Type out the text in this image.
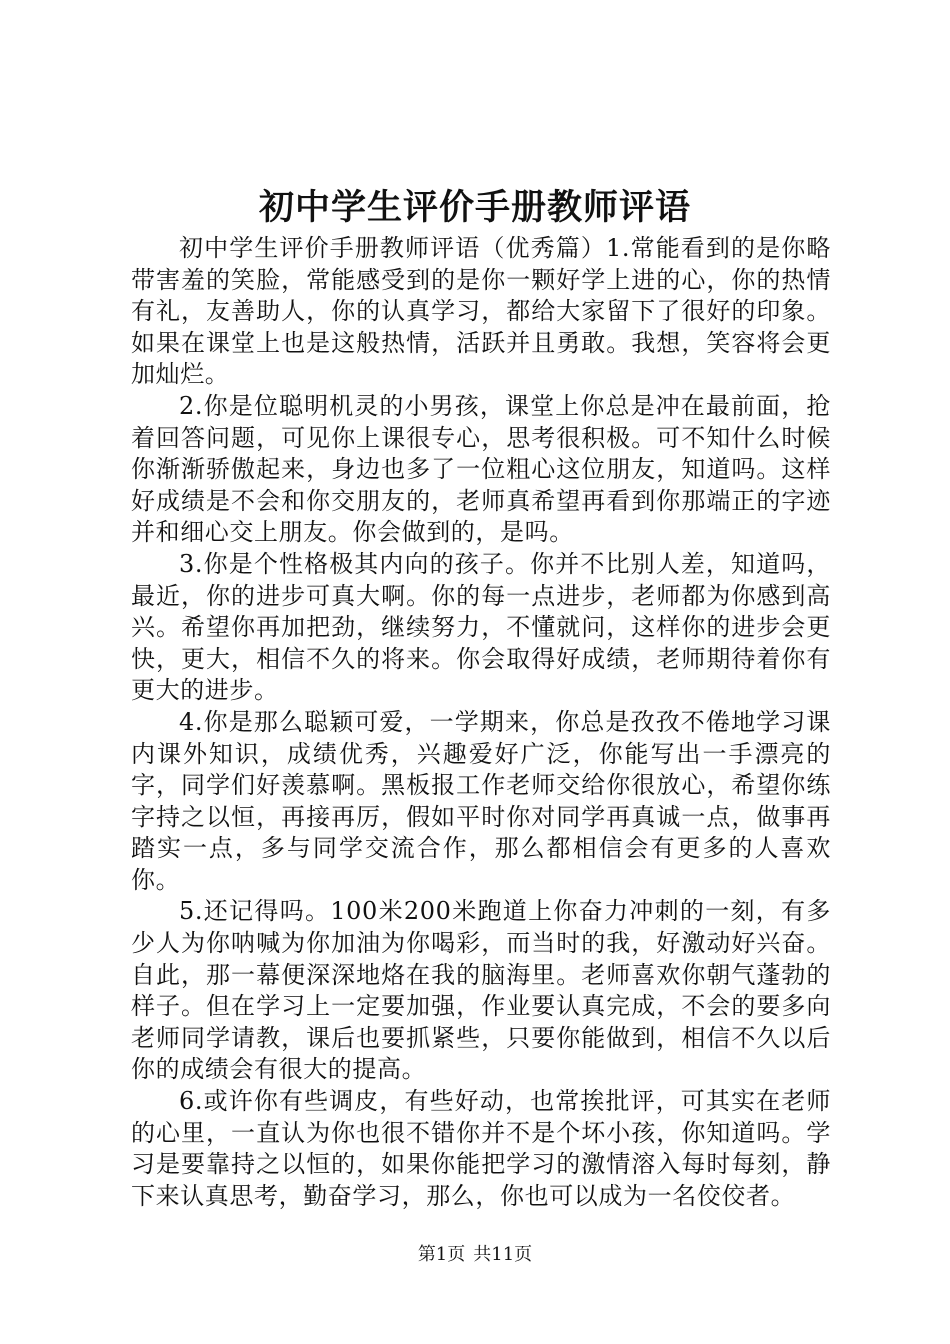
初中学生评价手册教师评语

初中学生评价手册教师评语（优秀篇）1.常能看到的是你略带害羞的笑脸，常能感受到的是你一颗好学上进的心，你的热情有礼，友善助人，你的认真学习，都给大家留下了很好的印象。如果在课堂上也是这般热情，活跃并且勇敢。我想，笑容将会更加灿烂。

2.你是位聪明机灵的小男孩，课堂上你总是冲在最前面，抢着回答问题，可见你上课很专心，思考很积极。可不知什么时候你渐渐骄傲起来，身边也多了一位粗心这位朋友，知道吗。这样好成绩是不会和你交朋友的，老师真希望再看到你那端正的字迹并和细心交上朋友。你会做到的，是吗。

3.你是个性格极其内向的孩子。你并不比别人差，知道吗，最近，你的进步可真大啊。你的每一点进步，老师都为你感到高兴。希望你再加把劲，继续努力，不懂就问，这样你的进步会更快，更大，相信不久的将来。你会取得好成绩，老师期待着你有更大的进步。

4.你是那么聪颖可爱，一学期来，你总是孜孜不倦地学习课内课外知识，成绩优秀，兴趣爱好广泛，你能写出一手漂亮的字，同学们好羡慕啊。黑板报工作老师交给你很放心，希望你练字持之以恒，再接再厉，假如平时你对同学再真诚一点，做事再踏实一点，多与同学交流合作，那么都相信会有更多的人喜欢你。

5.还记得吗。100米200米跑道上你奋力冲刺的一刻，有多少人为你呐喊为你加油为你喝彩，而当时的我，好激动好兴奋。自此，那一幕便深深地烙在我的脑海里。老师喜欢你朝气蓬勃的样子。但在学习上一定要加强，作业要认真完成，不会的要多向老师同学请教，课后也要抓紧些，只要你能做到，相信不久以后你的成绩会有很大的提高。

6.或许你有些调皮，有些好动，也常挨批评，可其实在老师的心里，一直认为你也很不错你并不是个坏小孩，你知道吗。学习是要靠持之以恒的，如果你能把学习的激情溶入每时每刻，静下来认真思考，勤奋学习，那么，你也可以成为一名佼佼者。

第1页 共11页
